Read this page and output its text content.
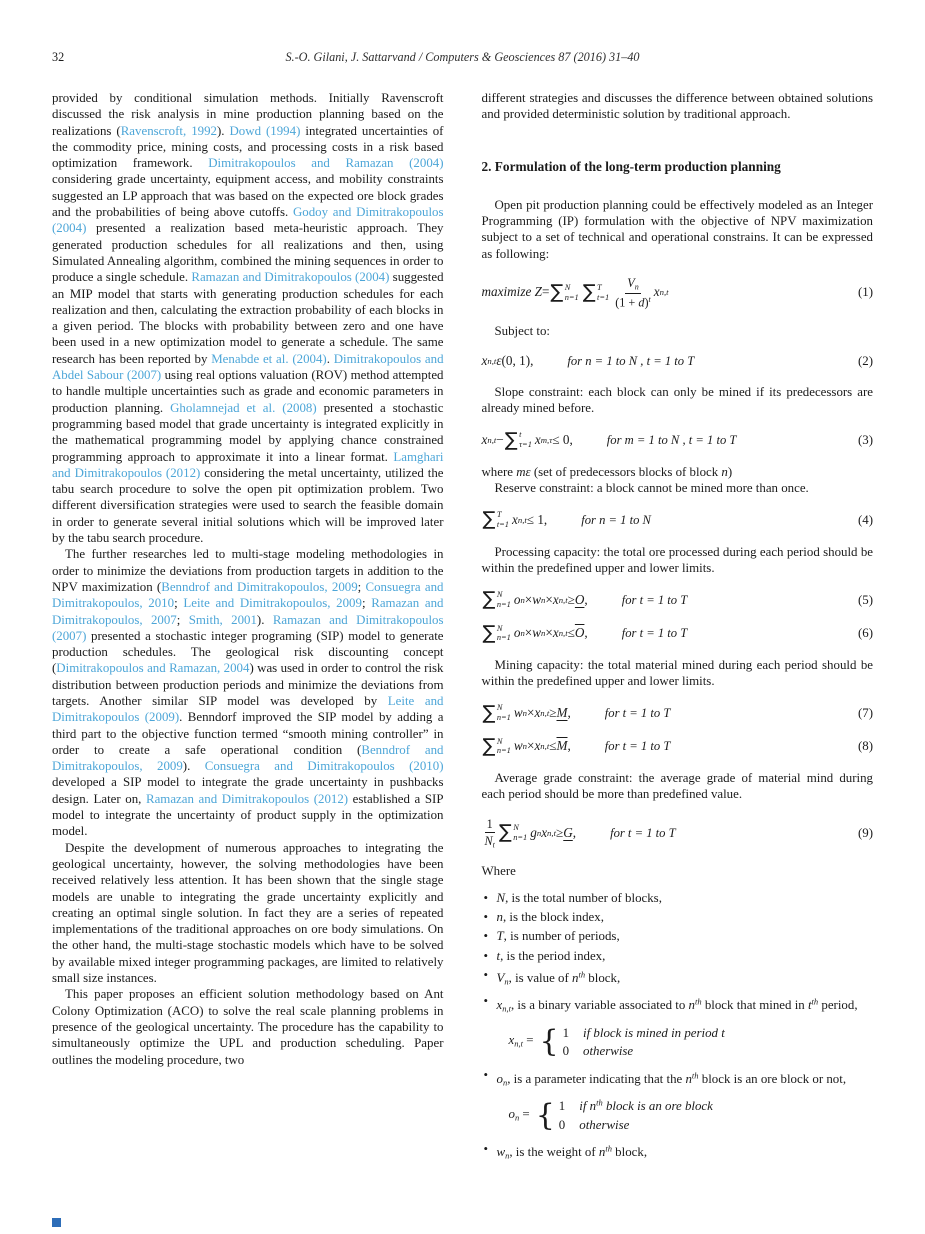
32	S.-O. Gilani, J. Sattarvand / Computers & Geosciences 87 (2016) 31–40

provided by conditional simulation methods. Initially Ravenscroft discussed the risk analysis in mine production planning based on the realizations (Ravenscroft, 1992). Dowd (1994) integrated uncertainties of the commodity price, mining costs, and processing costs in a risk based optimization framework. Dimitrakopoulos and Ramazan (2004) considering grade uncertainty, equipment access, and mobility constraints suggested an LP approach that was based on the expected ore block grades and the probabilities of being above cutoffs. Godoy and Dimitrakopoulos (2004) presented a realization based meta-heuristic approach. They generated production schedules for all realizations and then, using Simulated Annealing algorithm, combined the mining sequences in order to produce a single schedule. Ramazan and Dimitrakopoulos (2004) suggested an MIP model that starts with generating production schedules for each realization and then, calculating the extraction probability of each blocks in a given period. The blocks with probability between zero and one have been used in a new optimization model to generate a schedule. The same research has been reported by Menabde et al. (2004). Dimitrakopoulos and Abdel Sabour (2007) using real options valuation (ROV) method attempted to handle multiple uncertainties such as grade and economic parameters in production planning. Gholamnejad et al. (2008) presented a stochastic programming based model that grade uncertainty is integrated explicitly in the mathematical programming model by applying chance constrained programming approach to approximate it into a linear format. Lamghari and Dimitrakopoulos (2012) considering the metal uncertainty, utilized the tabu search procedure to solve the open pit optimization problem. Two different diversification strategies were used to search the feasible domain in order to generate several initial solutions which will be improved later by the tabu search procedure.

The further researches led to multi-stage modeling methodologies in order to minimize the deviations from production targets in addition to the NPV maximization (Benndrof and Dimitrakopoulos, 2009; Consuegra and Dimitrakopoulos, 2010; Leite and Dimitrakopoulos, 2009; Ramazan and Dimitrakopoulos, 2007; Smith, 2001). Ramazan and Dimitrakopoulos (2007) presented a stochastic integer programing (SIP) model to generate production schedules. The geological risk discounting concept (Dimitrakopoulos and Ramazan, 2004) was used in order to control the risk distribution between production periods and minimize the deviations from targets. Another similar SIP model was developed by Leite and Dimitrakopoulos (2009). Benndorf improved the SIP model by adding a third part to the objective function termed “smooth mining controller” in order to create a safe operational condition (Benndrof and Dimitrakopoulos, 2009). Consuegra and Dimitrakopoulos (2010) developed a SIP model to integrate the grade uncertainty in pushbacks design. Later on, Ramazan and Dimitrakopoulos (2012) established a SIP model to integrate the uncertainty of product supply in the optimization model.

Despite the development of numerous approaches to integrating the geological uncertainty, however, the solving methodologies have been received relatively less attention. It has been shown that the single stage models are unable to integrating the grade uncertainty explicitly and creating an optimal single solution. In fact they are a series of repeated implementations of the traditional approaches on ore body simulations. On the other hand, the multi-stage stochastic models which have to be solved by available mixed integer programming packages, are limited to relatively small size instances.

This paper proposes an efficient solution methodology based on Ant Colony Optimization (ACO) to solve the real scale planning problems in presence of the geological uncertainty. The procedure has the capability to simultaneously optimize the UPL and production scheduling. Paper outlines the modeling procedure, two

different strategies and discusses the difference between obtained solutions and provided deterministic solution by traditional approach.

2. Formulation of the long-term production planning

Open pit production planning could be effectively modeled as an Integer Programming (IP) formulation with the objective of NPV maximization subject to a set of technical and operational constrains. It can be expressed as following:

maximize Z = ∑ N
n=1 ∑ T
$t=1 \frac{Vn}{(1 + d)^t}$ x n,t	(1)

Subject to:

x n,t ε (0, 1),	for n = 1 to N , t = 1 to T	(2)

Slope constraint: each block can only be mined if its predecessors are already mined before.

x n,t − ∑ t
τ=1 x m,τ ≤ 0,	for m = 1 to N , t = 1 to T	(3)

where mε (set of predecessors blocks of block n)

Reserve constraint: a block cannot be mined more than once.

∑ T
t=1 x n,t ≤ 1,	for n = 1 to N	(4)

Processing capacity: the total ore processed during each period should be within the predefined upper and lower limits.

∑ N
n=1 o n × w n × x n,t ≥ O ,	for t = 1 to T	(5)
∑ N
n=1 o n × w n × x $n,t \le \overline{O}$ ,	for t = 1 to T	(6)

Mining capacity: the total material mined during each period should be within the predefined upper and lower limits.

∑ N
n=1 w n × x n,t ≥ M ,	for t = 1 to T	(7)
∑ N
n=1 w n × x $n,t \le \overline{M}$ ,	for t = 1 to T	(8)

Average grade constraint: the average grade of material mind during each period should be more than predefined value.

$\frac{1}{Nt}$ ∑ N
n=1 g n x n,t ≥ G ,	for t = 1 to T	(9)

Where

• N, is the total number of blocks,
• n, is the block index,
• T, is number of periods,
• t, is the period index,
• Vn, is value of $n^{th}$ block,
• xn,t, is a binary variable associated to $n^{th}$ block that mined in $t^{th}$ period,
xn,t = { 1 if block is mined in period t
0 otherwise
• on, is a parameter indicating that the $n^{th}$ block is an ore block or not,
on = { 1 if $n^{th}$ block is an ore block
0 otherwise
• wn, is the weight of $n^{th}$ block,
